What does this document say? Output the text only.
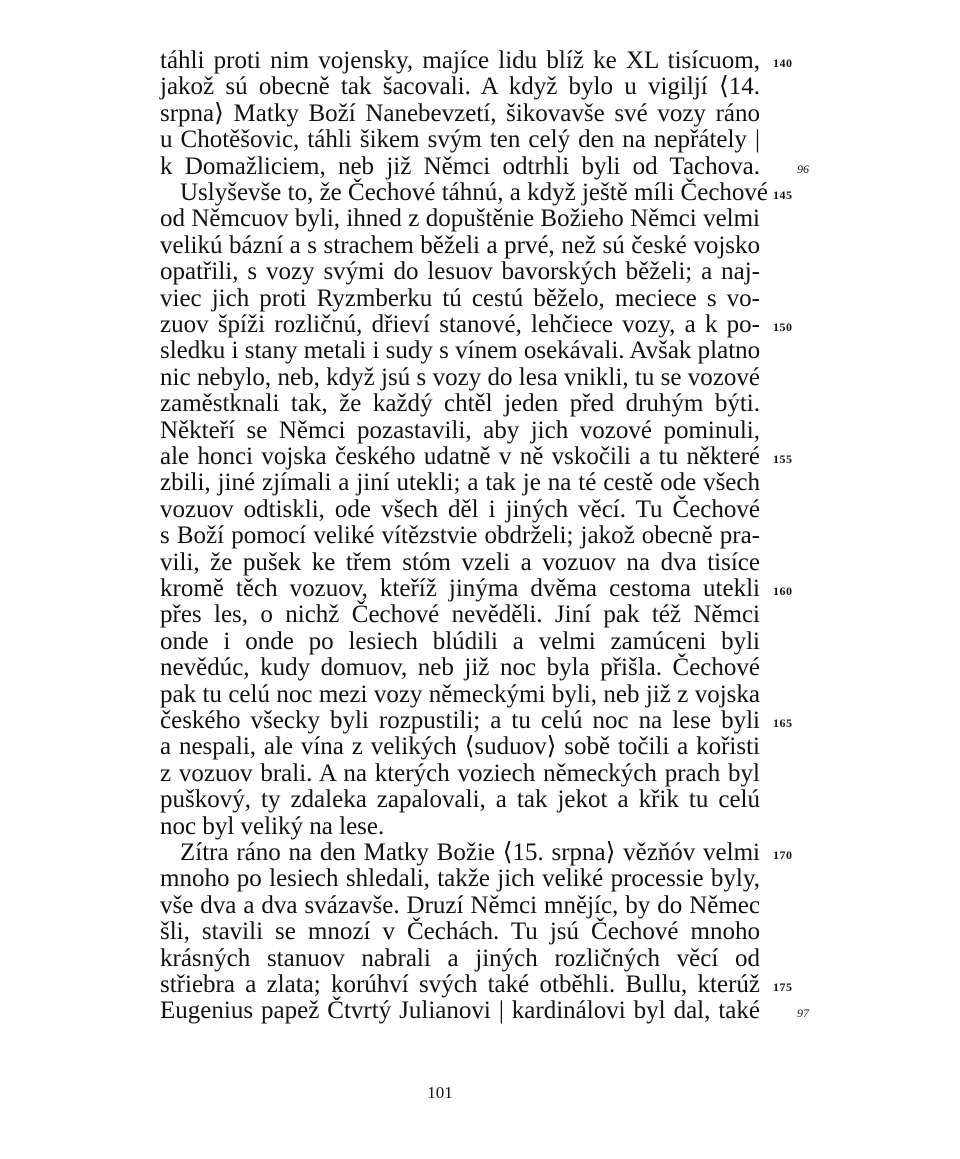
táhli proti nim vojensky, majíce lidu blíž ke XL tisícuom,
jakož sú obecně tak šacovali. A když bylo u vigiljí ⟨14.
srpna⟩ Matky Boží Nanebevzetí, šikovavše své vozy ráno
u Chotěšovic, táhli šikem svým ten celý den na nepřátely |
k Domažliciem, neb již Němci odtrhli byli od Tachova.
Uslyševše to, že Čechové táhnú, a když ještě míli Čechové
od Němcuov byli, ihned z dopuštěnie Božieho Němci velmi
velikú bázní a s strachem běželi a prvé, než sú české vojsko
opatřili, s vozy svými do lesuov bavorských běželi; a naj-
viec jich proti Ryzmberku tú cestú běželo, meciece s vo-
zuov špíži rozličnú, dřieví stanové, lehčiece vozy, a k po-
sledku i stany metali i sudy s vínem osekávali. Avšak platno
nic nebylo, neb, když jsú s vozy do lesa vnikli, tu se vozové
zaměstknali tak, že každý chtěl jeden před druhým býti.
Někteří se Němci pozastavili, aby jich vozové pominuli,
ale honci vojska českého udatně v ně vskočili a tu některé
zbili, jiné zjímali a jiní utekli; a tak je na té cestě ode všech
vozuov odtiskli, ode všech děl i jiných věcí. Tu Čechové
s Boží pomocí veliké vítězstvie obdrželi; jakož obecně pra-
vili, že pušek ke třem stóm vzeli a vozuov na dva tisíce
kromě těch vozuov, kteříž jinýma dvěma cestoma utekli
přes les, o nichž Čechové nevěděli. Jiní pak též Němci
onde i onde po lesiech blúdili a velmi zamúceni byli
nevědúc, kudy domuov, neb již noc byla přišla. Čechové
pak tu celú noc mezi vozy německými byli, neb již z vojska
českého všecky byli rozpustili; a tu celú noc na lese byli
a nespali, ale vína z velikých ⟨suduov⟩ sobě točili a kořisti
z vozuov brali. A na kterých voziech německých prach byl
puškový, ty zdaleka zapalovali, a tak jekot a křik tu celú
noc byl veliký na lese.
Zítra ráno na den Matky Božie ⟨15. srpna⟩ vězňóv velmi
mnoho po lesiech shledali, takže jich veliké processie byly,
vše dva a dva svázavše. Druzí Němci mnějíc, by do Němec
šli, stavili se mnozí v Čechách. Tu jsú Čechové mnoho
krásných stanuov nabrali a jiných rozličných věcí od
střiebra a zlata; korúhví svých také otběhli. Bullu, kterúž
Eugenius papež Čtvrtý Julianovi | kardinálovi byl dal, také
140
96
145
150
155
160
165
170
175
97
101
